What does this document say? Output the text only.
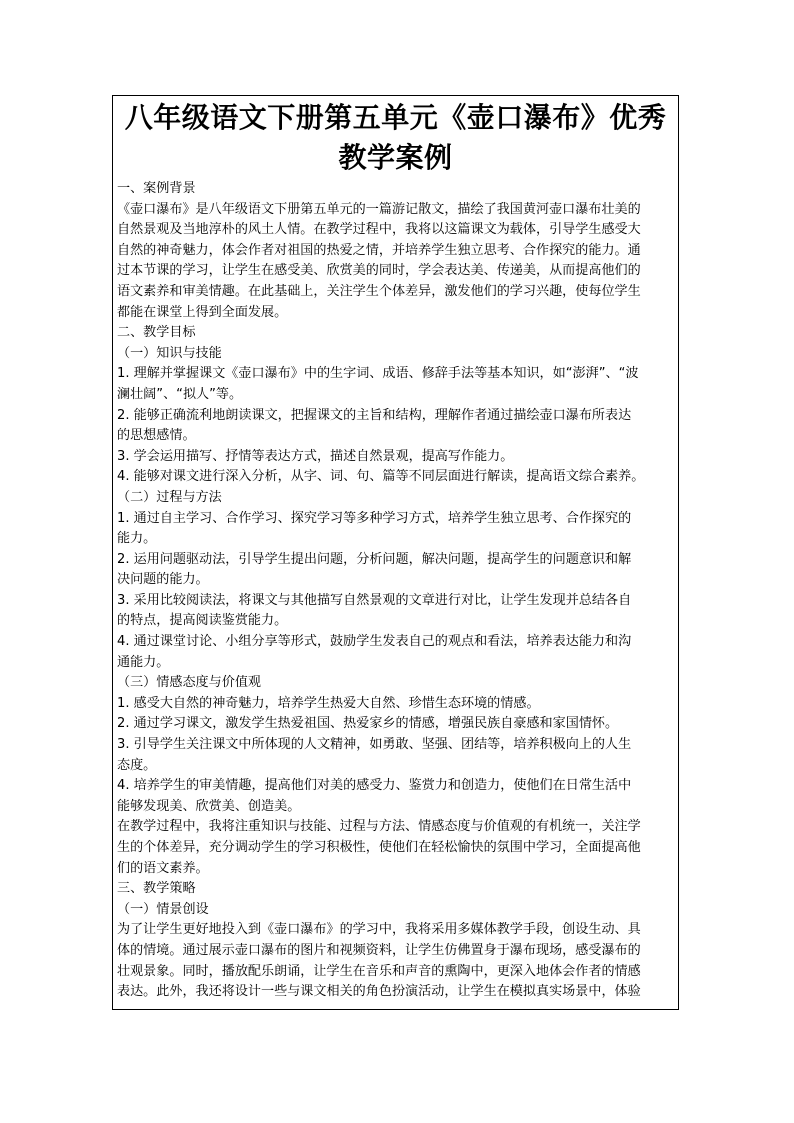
八年级语文下册第五单元《壶口瀑布》优秀
教学案例
一、案例背景
《壶口瀑布》是八年级语文下册第五单元的一篇游记散文，描绘了我国黄河壶口瀑布壮美的
自然景观及当地淳朴的风土人情。在教学过程中，我将以这篇课文为载体，引导学生感受大
自然的神奇魅力，体会作者对祖国的热爱之情，并培养学生独立思考、合作探究的能力。通
过本节课的学习，让学生在感受美、欣赏美的同时，学会表达美、传递美，从而提高他们的
语文素养和审美情趣。在此基础上，关注学生个体差异，激发他们的学习兴趣，使每位学生
都能在课堂上得到全面发展。
二、教学目标
（一）知识与技能
1. 理解并掌握课文《壶口瀑布》中的生字词、成语、修辞手法等基本知识，如“澎湃”、“波
澜壮阔”、“拟人”等。
2. 能够正确流利地朗读课文，把握课文的主旨和结构，理解作者通过描绘壶口瀑布所表达
的思想感情。
3. 学会运用描写、抒情等表达方式，描述自然景观，提高写作能力。
4. 能够对课文进行深入分析，从字、词、句、篇等不同层面进行解读，提高语文综合素养。
（二）过程与方法
1. 通过自主学习、合作学习、探究学习等多种学习方式，培养学生独立思考、合作探究的
能力。
2. 运用问题驱动法，引导学生提出问题，分析问题，解决问题，提高学生的问题意识和解
决问题的能力。
3. 采用比较阅读法，将课文与其他描写自然景观的文章进行对比，让学生发现并总结各自
的特点，提高阅读鉴赏能力。
4. 通过课堂讨论、小组分享等形式，鼓励学生发表自己的观点和看法，培养表达能力和沟
通能力。
（三）情感态度与价值观
1. 感受大自然的神奇魅力，培养学生热爱大自然、珍惜生态环境的情感。
2. 通过学习课文，激发学生热爱祖国、热爱家乡的情感，增强民族自豪感和家国情怀。
3. 引导学生关注课文中所体现的人文精神，如勇敢、坚强、团结等，培养积极向上的人生
态度。
4. 培养学生的审美情趣，提高他们对美的感受力、鉴赏力和创造力，使他们在日常生活中
能够发现美、欣赏美、创造美。
在教学过程中，我将注重知识与技能、过程与方法、情感态度与价值观的有机统一，关注学
生的个体差异，充分调动学生的学习积极性，使他们在轻松愉快的氛围中学习，全面提高他
们的语文素养。
三、教学策略
（一）情景创设
为了让学生更好地投入到《壶口瀑布》的学习中，我将采用多媒体教学手段，创设生动、具
体的情境。通过展示壶口瀑布的图片和视频资料，让学生仿佛置身于瀑布现场，感受瀑布的
壮观景象。同时，播放配乐朗诵，让学生在音乐和声音的熏陶中，更深入地体会作者的情感
表达。此外，我还将设计一些与课文相关的角色扮演活动，让学生在模拟真实场景中，体验
